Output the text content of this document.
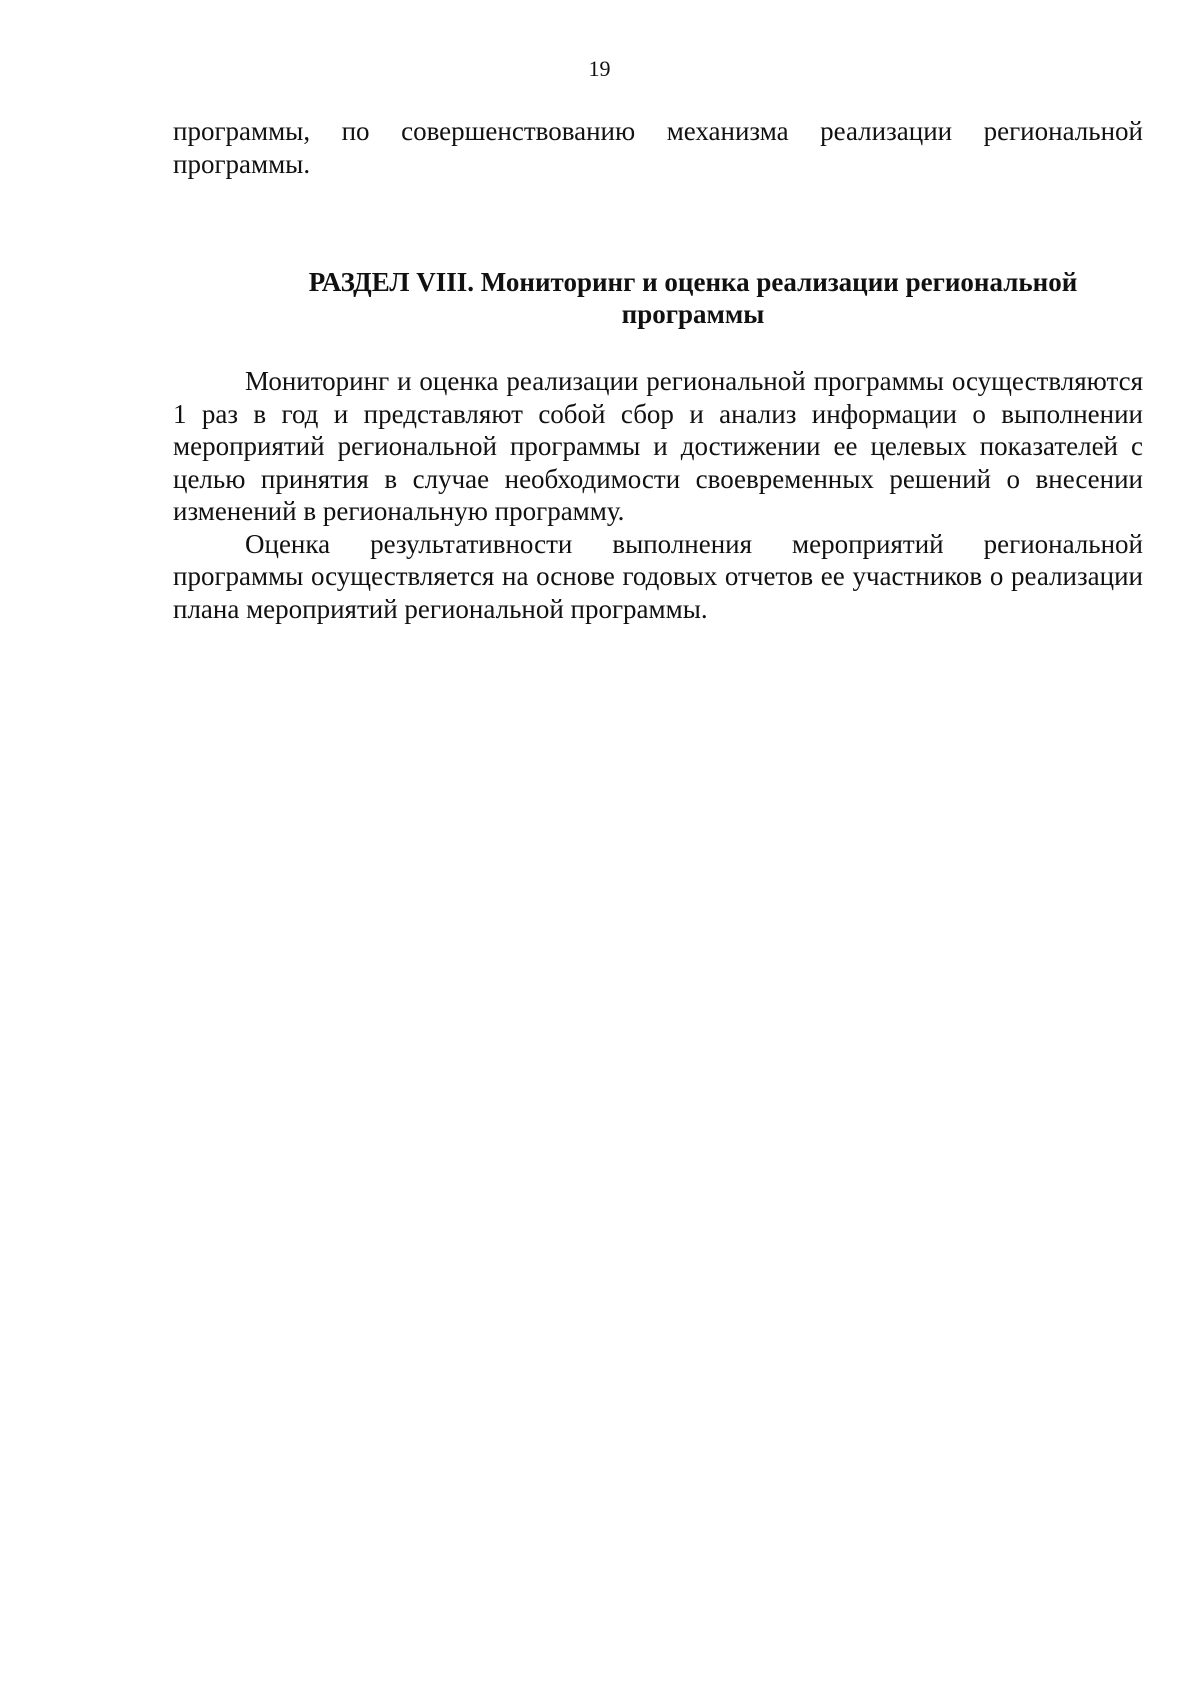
19

программы, по совершенствованию механизма реализации региональной программы.

РАЗДЕЛ VIII. Мониторинг и оценка реализации региональной
программы

Мониторинг и оценка реализации региональной программы осуществляются 1 раз в год и представляют собой сбор и анализ информации о выполнении мероприятий региональной программы и достижении ее целевых показателей с целью принятия в случае необходимости своевременных решений о внесении изменений в региональную программу.

Оценка результативности выполнения мероприятий региональной программы осуществляется на основе годовых отчетов ее участников о реализации плана мероприятий региональной программы.
